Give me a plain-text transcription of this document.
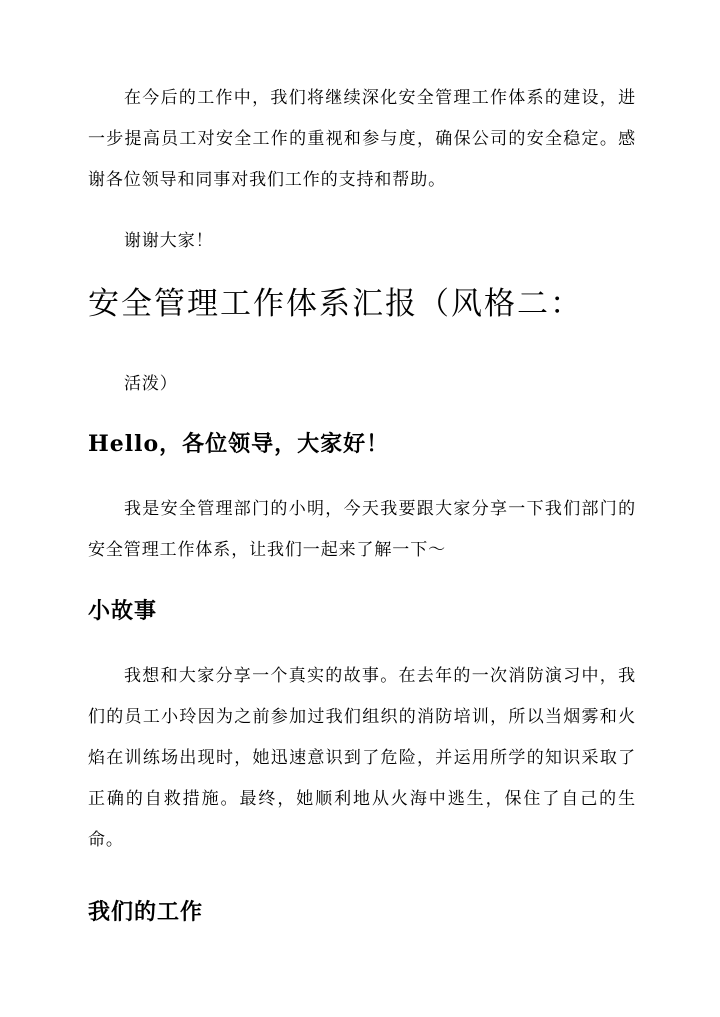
在今后的工作中，我们将继续深化安全管理工作体系的建设，进一步提高员工对安全工作的重视和参与度，确保公司的安全稳定。感谢各位领导和同事对我们工作的支持和帮助。

谢谢大家！

安全管理工作体系汇报（风格二：

活泼）

Hello，各位领导，大家好！

我是安全管理部门的小明，今天我要跟大家分享一下我们部门的安全管理工作体系，让我们一起来了解一下～

小故事

我想和大家分享一个真实的故事。在去年的一次消防演习中，我们的员工小玲因为之前参加过我们组织的消防培训，所以当烟雾和火焰在训练场出现时，她迅速意识到了危险，并运用所学的知识采取了正确的自救措施。最终，她顺利地从火海中逃生，保住了自己的生命。

我们的工作
